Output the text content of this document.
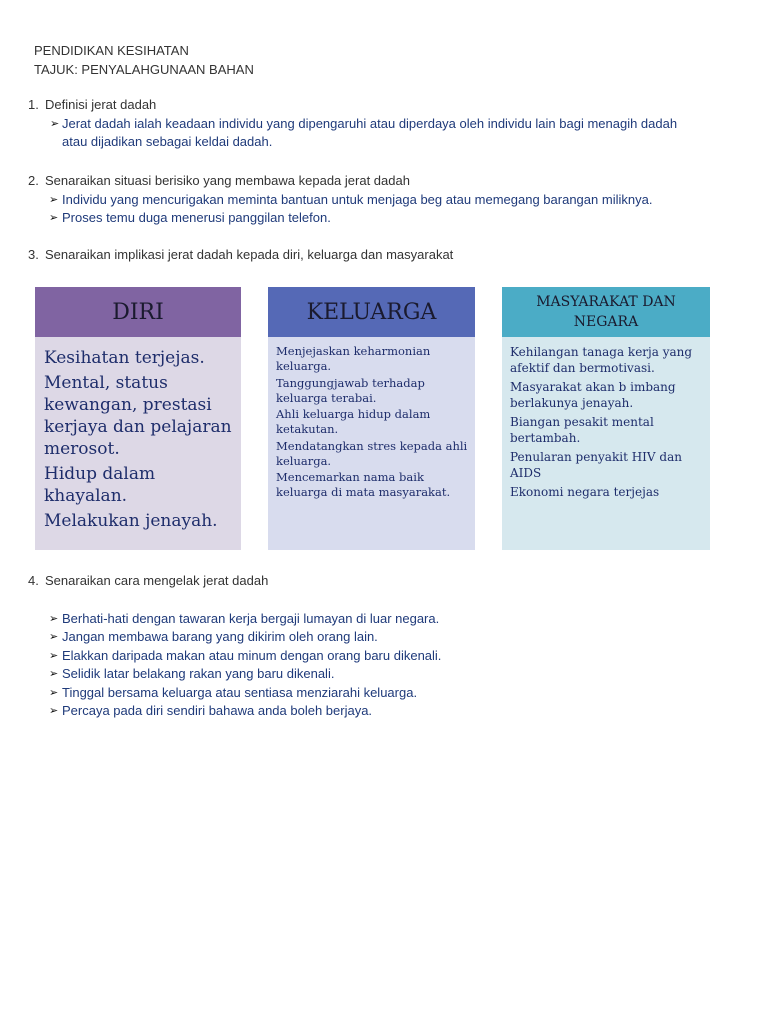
PENDIDIKAN KESIHATAN
TAJUK: PENYALAHGUNAAN BAHAN
1. Definisi jerat dadah
➢ Jerat dadah ialah keadaan individu yang dipengaruhi atau diperdaya oleh individu lain bagi menagih dadah
atau dijadikan sebagai keldai dadah.
2. Senaraikan situasi berisiko yang membawa kepada jerat dadah
➢ Individu yang mencurigakan meminta bantuan untuk menjaga beg atau memegang barangan miliknya.
➢ Proses temu duga menerusi panggilan telefon.
3. Senaraikan implikasi jerat dadah kepada diri, keluarga dan masyarakat
DIRI
Kesihatan terjejas.
Mental, status kewangan, prestasi kerjaya dan pelajaran merosot.
Hidup dalam khayalan.
Melakukan jenayah.
KELUARGA
Menjejaskan keharmonian keluarga.
Tanggungjawab terhadap keluarga terabai.
Ahli keluarga hidup dalam ketakutan.
Mendatangkan stres kepada ahli keluarga.
Mencemarkan nama baik keluarga di mata masyarakat.
MASYARAKAT DAN NEGARA
Kehilangan tanaga kerja yang afektif dan bermotivasi.
Masyarakat akan b imbang berlakunya jenayah.
Biangan pesakit mental bertambah.
Penularan penyakit HIV dan AIDS
Ekonomi negara terjejas
4. Senaraikan cara mengelak jerat dadah
➢ Berhati-hati dengan tawaran kerja bergaji lumayan di luar negara.
➢ Jangan membawa barang yang dikirim oleh orang lain.
➢ Elakkan daripada makan atau minum dengan orang baru dikenali.
➢ Selidik latar belakang rakan yang baru dikenali.
➢ Tinggal bersama keluarga atau sentiasa menziarahi keluarga.
➢ Percaya pada diri sendiri bahawa anda boleh berjaya.
